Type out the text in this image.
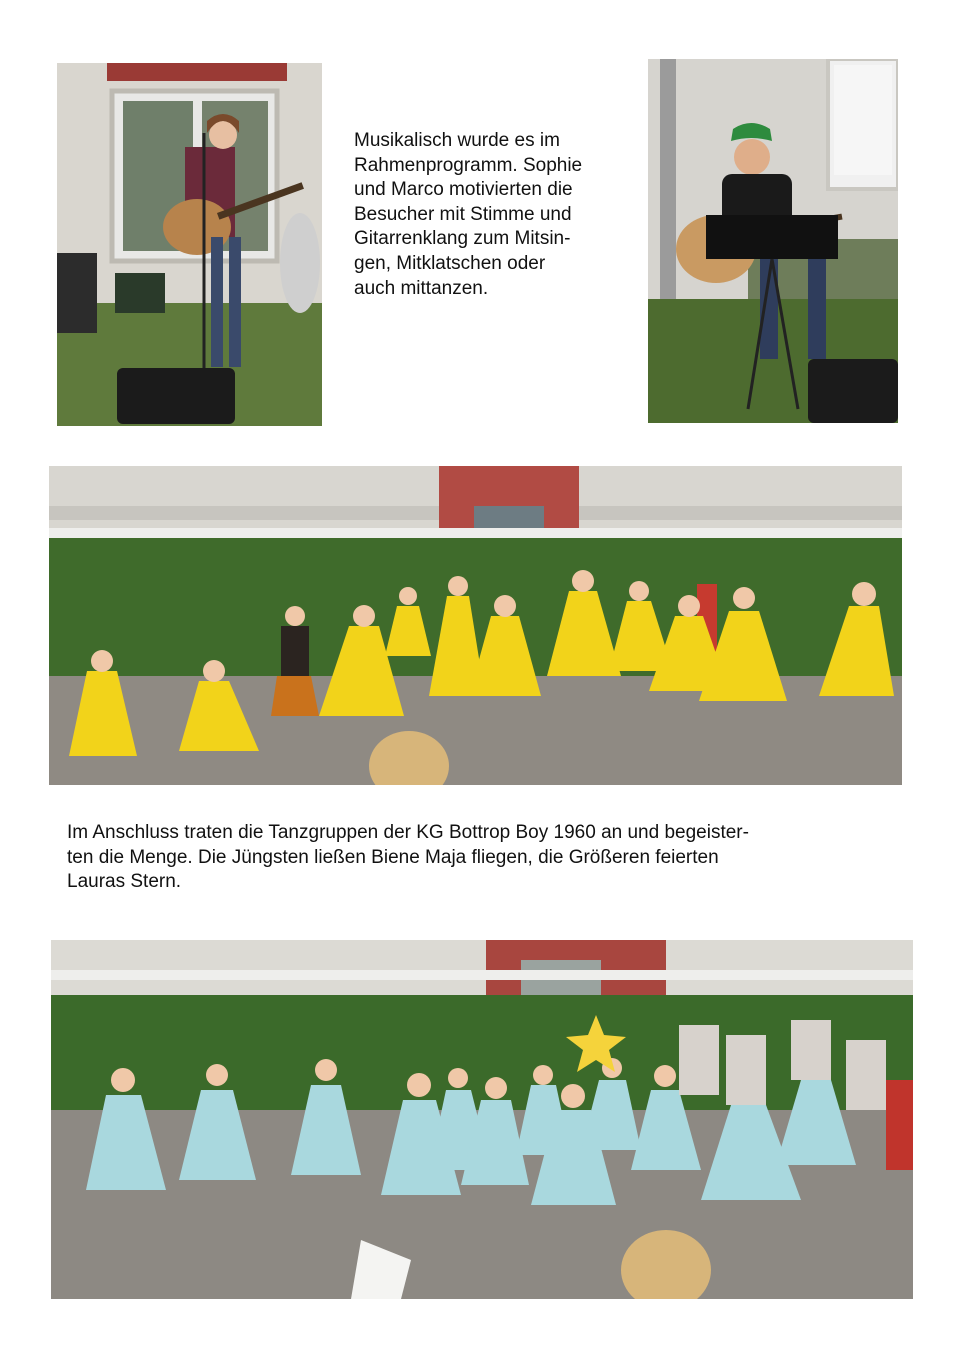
Musikalisch wurde es im
Rahmenprogramm. Sophie
und Marco motivierten die
Besucher mit Stimme und
Gitarrenklang zum Mitsin-
gen, Mitklatschen oder
auch mittanzen.
Im Anschluss traten die Tanzgruppen der KG Bottrop Boy 1960 an und begeister-
ten die Menge. Die Jüngsten ließen Biene Maja fliegen, die Größeren feierten
Lauras Stern.
